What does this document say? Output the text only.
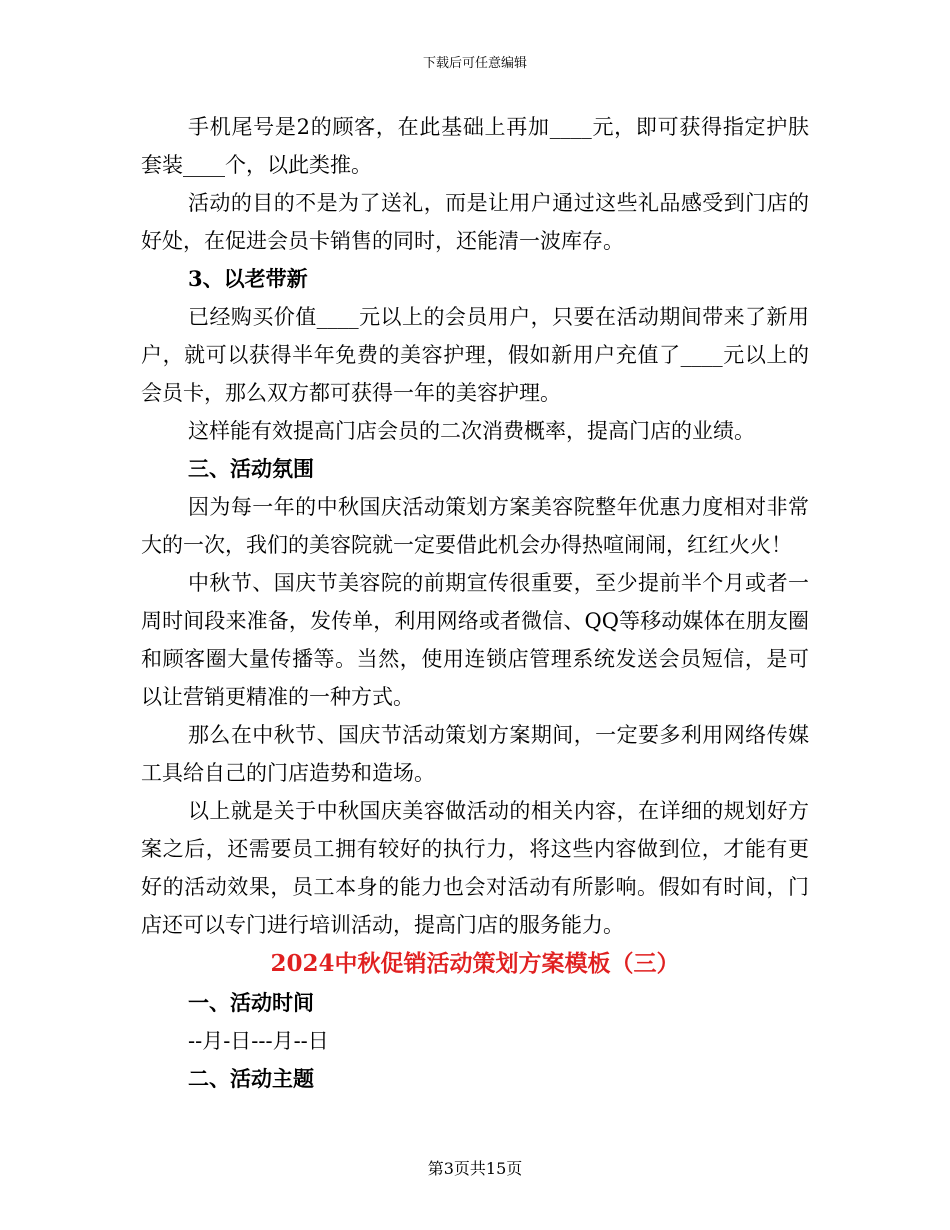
下载后可任意编辑

手机尾号是2的顾客，在此基础上再加____元，即可获得指定护肤套装____个，以此类推。

活动的目的不是为了送礼，而是让用户通过这些礼品感受到门店的好处，在促进会员卡销售的同时，还能清一波库存。

3、以老带新

已经购买价值____元以上的会员用户，只要在活动期间带来了新用户，就可以获得半年免费的美容护理，假如新用户充值了____元以上的会员卡，那么双方都可获得一年的美容护理。

这样能有效提高门店会员的二次消费概率，提高门店的业绩。

三、活动氛围

因为每一年的中秋国庆活动策划方案美容院整年优惠力度相对非常大的一次，我们的美容院就一定要借此机会办得热喧闹闹，红红火火！

中秋节、国庆节美容院的前期宣传很重要，至少提前半个月或者一周时间段来准备，发传单，利用网络或者微信、QQ等移动媒体在朋友圈和顾客圈大量传播等。当然，使用连锁店管理系统发送会员短信，是可以让营销更精准的一种方式。

那么在中秋节、国庆节活动策划方案期间，一定要多利用网络传媒工具给自己的门店造势和造场。

以上就是关于中秋国庆美容做活动的相关内容，在详细的规划好方案之后，还需要员工拥有较好的执行力，将这些内容做到位，才能有更好的活动效果，员工本身的能力也会对活动有所影响。假如有时间，门店还可以专门进行培训活动，提高门店的服务能力。

2024中秋促销活动策划方案模板（三）

一、活动时间

--月-日---月--日

二、活动主题

第3页共15页
